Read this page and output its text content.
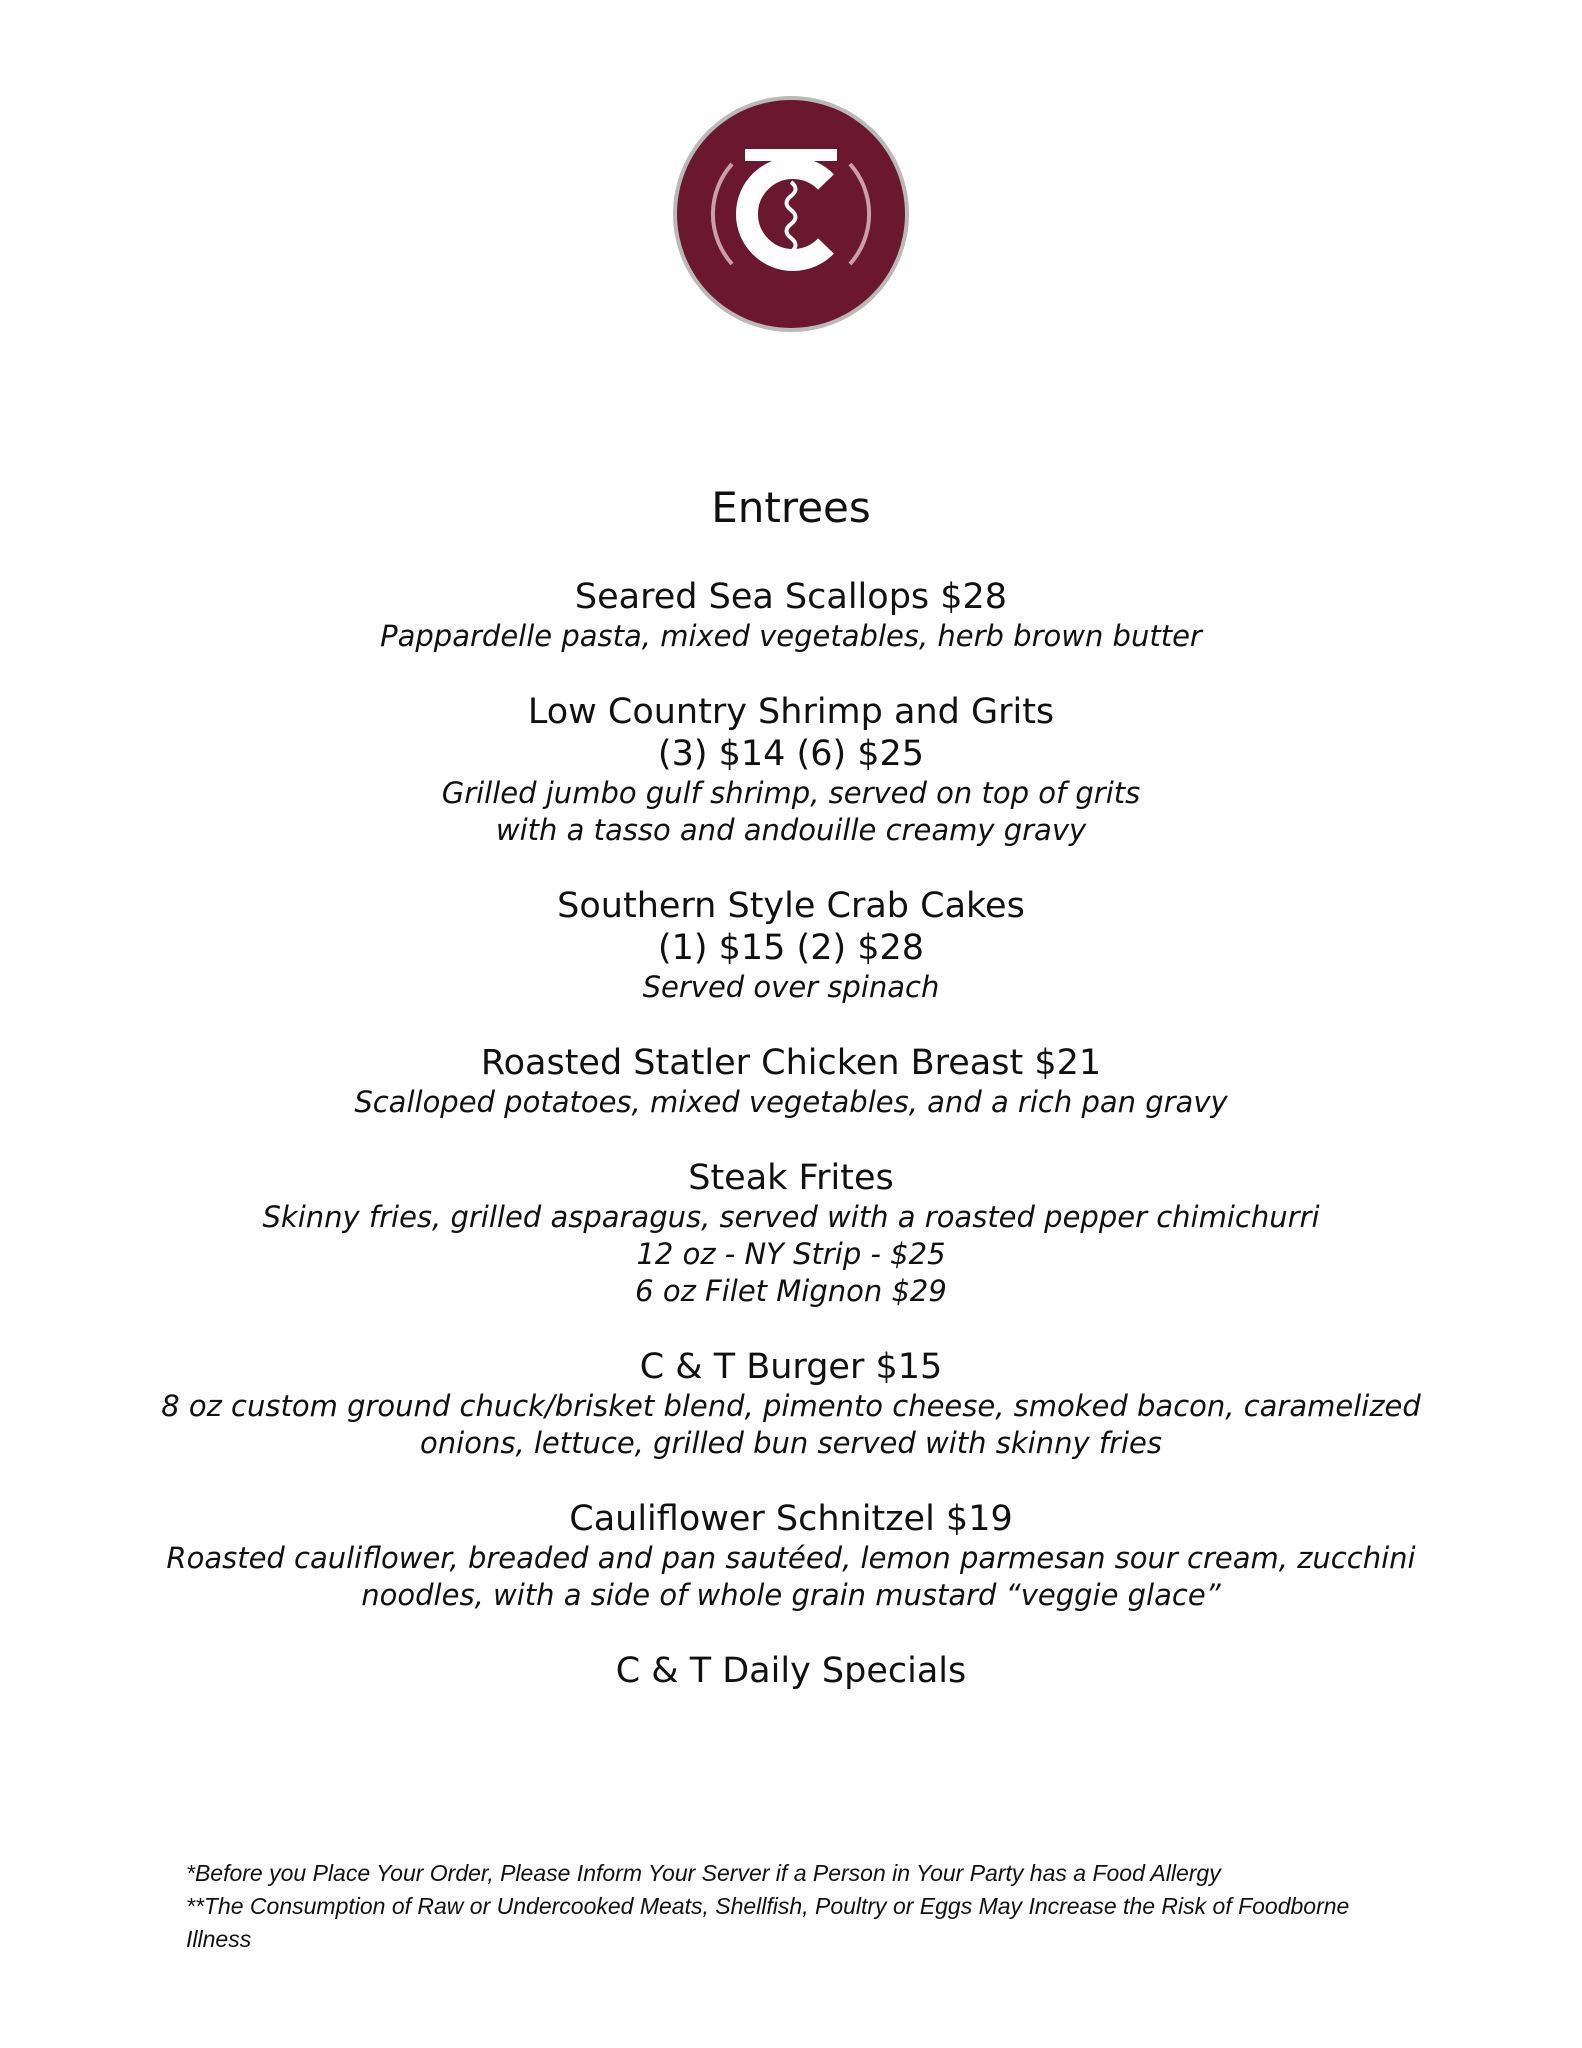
Entrees

Seared Sea Scallops $28

Pappardelle pasta, mixed vegetables, herb brown butter

Low Country Shrimp and Grits

(3) $14 (6) $25

Grilled jumbo gulf shrimp, served on top of grits

with a tasso and andouille creamy gravy

Southern Style Crab Cakes

(1) $15 (2) $28

Served over spinach

Roasted Statler Chicken Breast $21

Scalloped potatoes, mixed vegetables, and a rich pan gravy

Steak Frites

Skinny fries, grilled asparagus, served with a roasted pepper chimichurri

12 oz - NY Strip - $25

6 oz Filet Mignon $29

C & T Burger $15

8 oz custom ground chuck/brisket blend, pimento cheese, smoked bacon, caramelized

onions, lettuce, grilled bun served with skinny fries

Cauliflower Schnitzel $19

Roasted cauliflower, breaded and pan sautéed, lemon parmesan sour cream, zucchini

noodles, with a side of whole grain mustard “veggie glace”

C & T Daily Specials

*Before you Place Your Order, Please Inform Your Server if a Person in Your Party has a Food Allergy

**The Consumption of Raw or Undercooked Meats, Shellfish, Poultry or Eggs May Increase the Risk of Foodborne Illness
